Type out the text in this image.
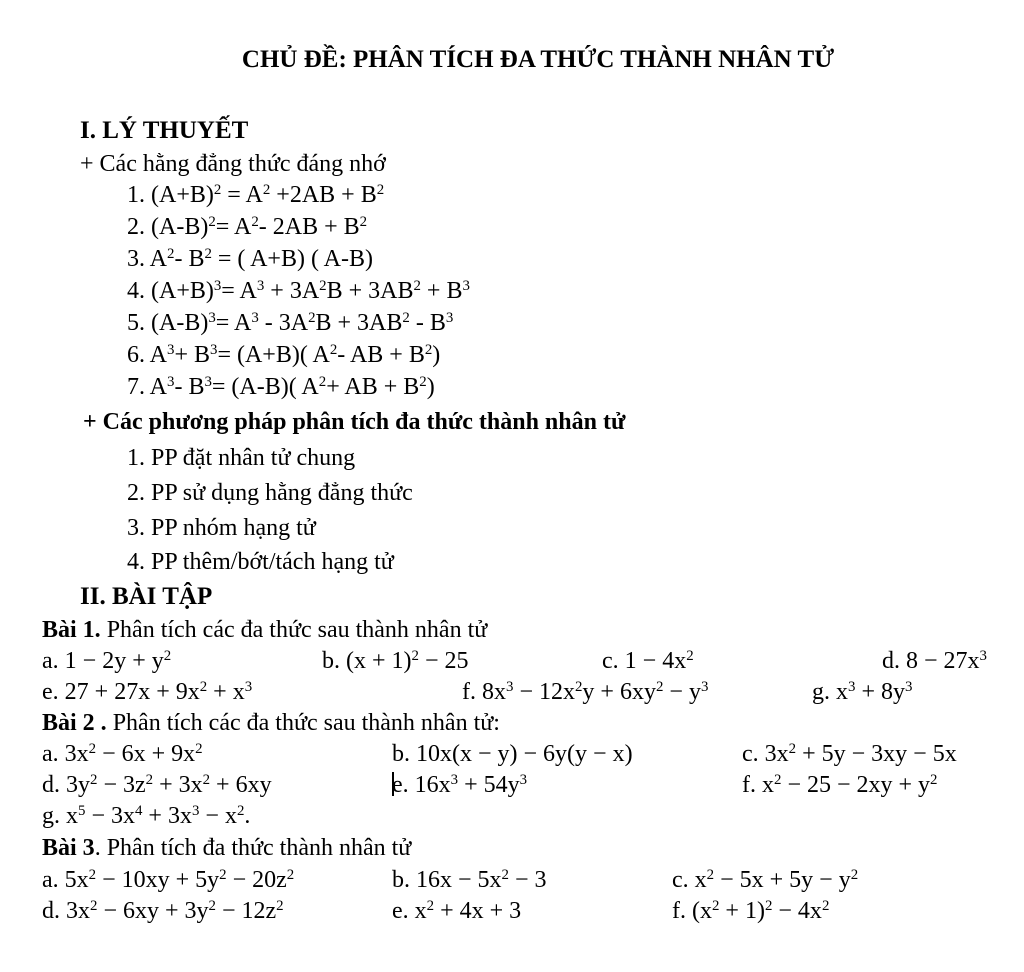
CHỦ ĐỀ: PHÂN TÍCH ĐA THỨC THÀNH NHÂN TỬ
I. LÝ THUYẾT
+ Các hằng đẳng thức đáng nhớ
1. $(A+B)^2 = A^2 +2AB + B^2$
2. $(A-B)^2= A^2-$ $2AB + B^2$
3. $A^2-$ $B^2$ = ( A+B) ( A-B)
4. $(A+B)^3= A^3 + 3A^2B + 3AB^2 + B^3$
5. $(A-B)^3= A^3 - 3A^2B + 3AB^2 - B^3$
6. $A^3+ B^3= (A+B)$( $A^2-$ AB + $B^2$)
7. $A^3-$ $B^3= (A-B)$( $A^2+$ AB + $B^2$)
+ Các phương pháp phân tích đa thức thành nhân tử
1. PP đặt nhân tử chung
2. PP sử dụng hằng đẳng thức
3. PP nhóm hạng tử
4. PP thêm/bớt/tách hạng tử
II. BÀI TẬP
Bài 1. Phân tích các đa thức sau thành nhân tử
a. $1 - 2y + y^2$	b. $(x + 1)^2 - 25$	c. $1 - 4x^2$	d. $8 - 27x^3$
e. $27 + 27x + 9x^2 + x^3$	f. $8x^3 - 12x^2y + 6xy^2 - y^3$	g. $x^3 + 8y^3$
Bài 2 . Phân tích các đa thức sau thành nhân tử:
a. $3x^2 - 6x + 9x^2$	b. 10x(x − y) − 6y(y − x)	c. $3x^2 + 5y - 3xy - 5x$
d. $3y^2 - 3z^2 + 3x^2 + 6xy$	e. $16x^3 + 54y^3$	f. $x^2 - 25 - 2xy + y^2$
g. $x^5 - 3x^4 + 3x^3 - x^2$.
Bài 3. Phân tích đa thức thành nhân tử
a. $5x^2 - 10xy + 5y^2 - 20z^2$	b. $16x - 5x^2 - 3$	c. $x^2 - 5x + 5y - y^2$
d. $3x^2 - 6xy + 3y^2 - 12z^2$	e. $x^2 + 4x + 3$	f. $(x^2 + 1)^2 - 4x^2$
